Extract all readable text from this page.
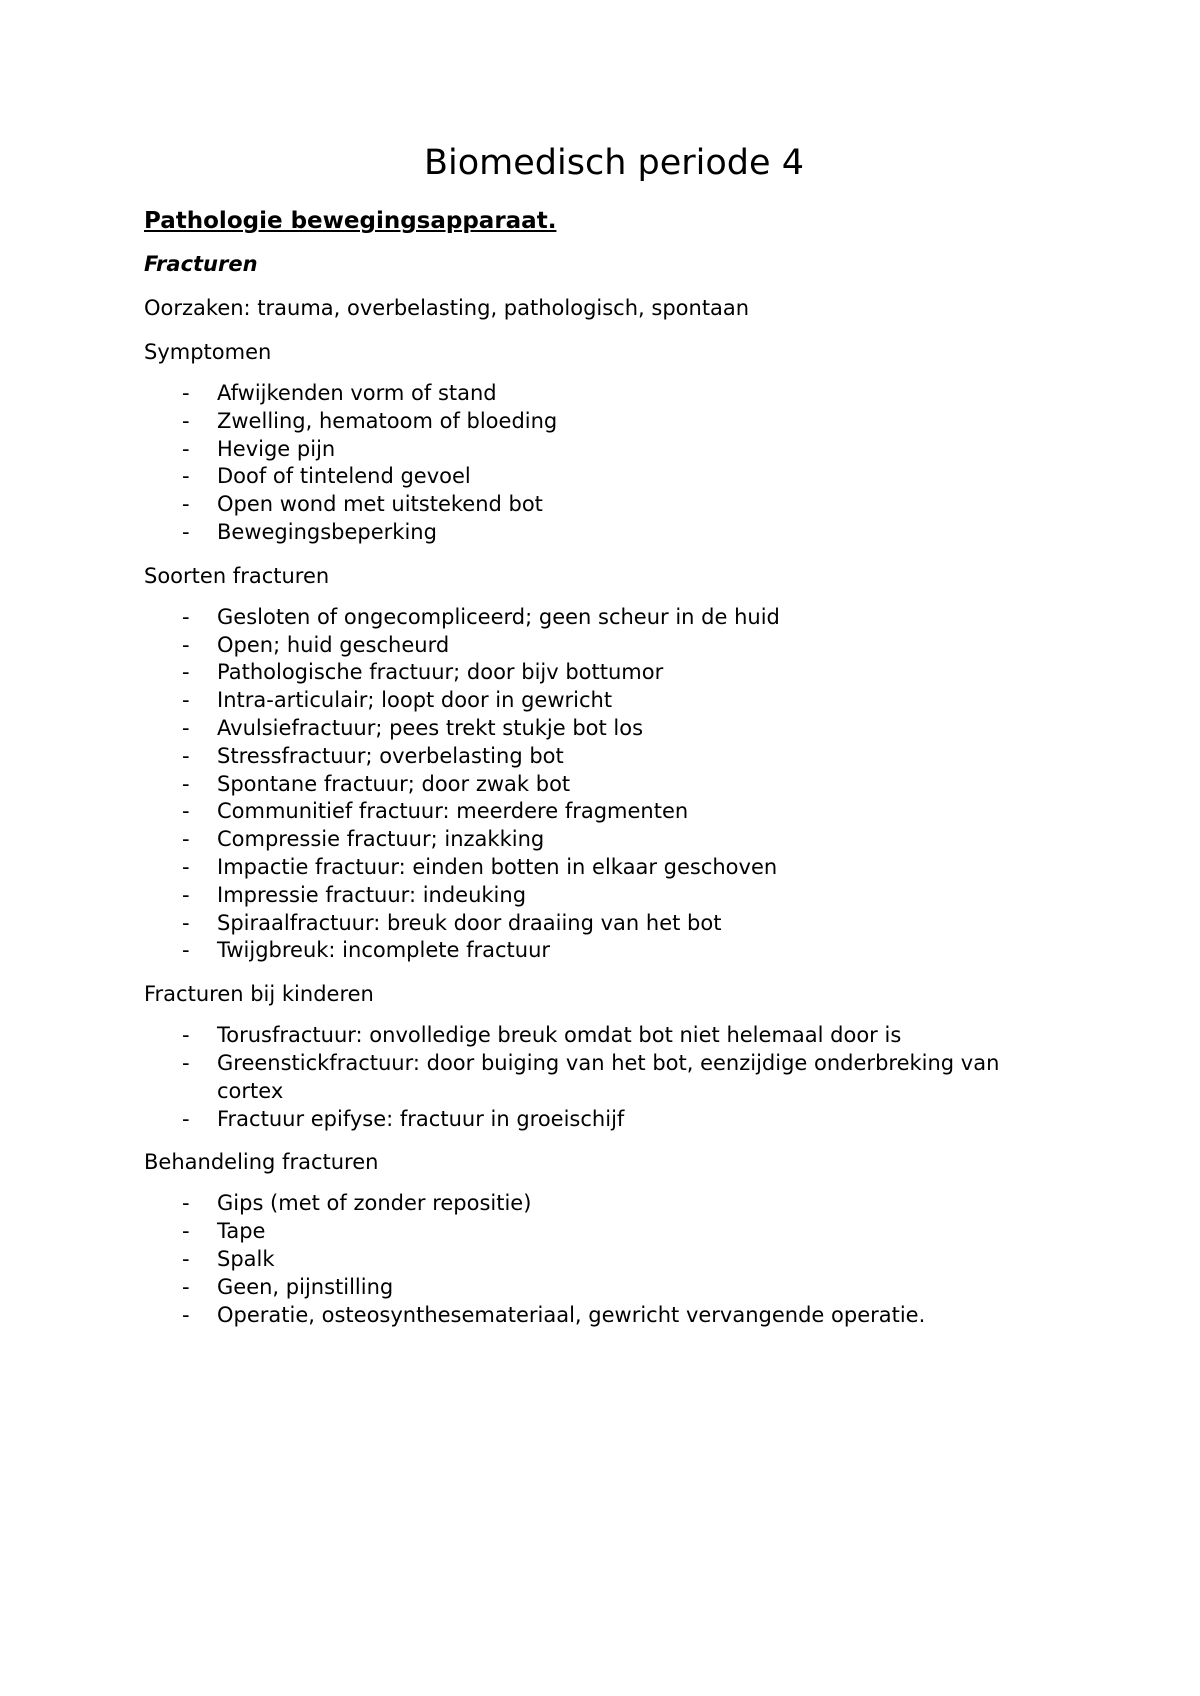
Biomedisch periode 4
Pathologie bewegingsapparaat.
Fracturen

Oorzaken: trauma, overbelasting, pathologisch, spontaan

Symptomen

- Afwijkenden vorm of stand
- Zwelling, hematoom of bloeding
- Hevige pijn
- Doof of tintelend gevoel
- Open wond met uitstekend bot
- Bewegingsbeperking

Soorten fracturen

- Gesloten of ongecompliceerd; geen scheur in de huid
- Open; huid gescheurd
- Pathologische fractuur; door bijv bottumor
- Intra-articulair; loopt door in gewricht
- Avulsiefractuur; pees trekt stukje bot los
- Stressfractuur; overbelasting bot
- Spontane fractuur; door zwak bot
- Communitief fractuur: meerdere fragmenten
- Compressie fractuur; inzakking
- Impactie fractuur: einden botten in elkaar geschoven
- Impressie fractuur: indeuking
- Spiraalfractuur: breuk door draaiing van het bot
- Twijgbreuk: incomplete fractuur

Fracturen bij kinderen

- Torusfractuur: onvolledige breuk omdat bot niet helemaal door is
- Greenstickfractuur: door buiging van het bot, eenzijdige onderbreking van cortex
- Fractuur epifyse: fractuur in groeischijf

Behandeling fracturen

- Gips (met of zonder repositie)
- Tape
- Spalk
- Geen, pijnstilling
- Operatie, osteosynthesemateriaal, gewricht vervangende operatie.
